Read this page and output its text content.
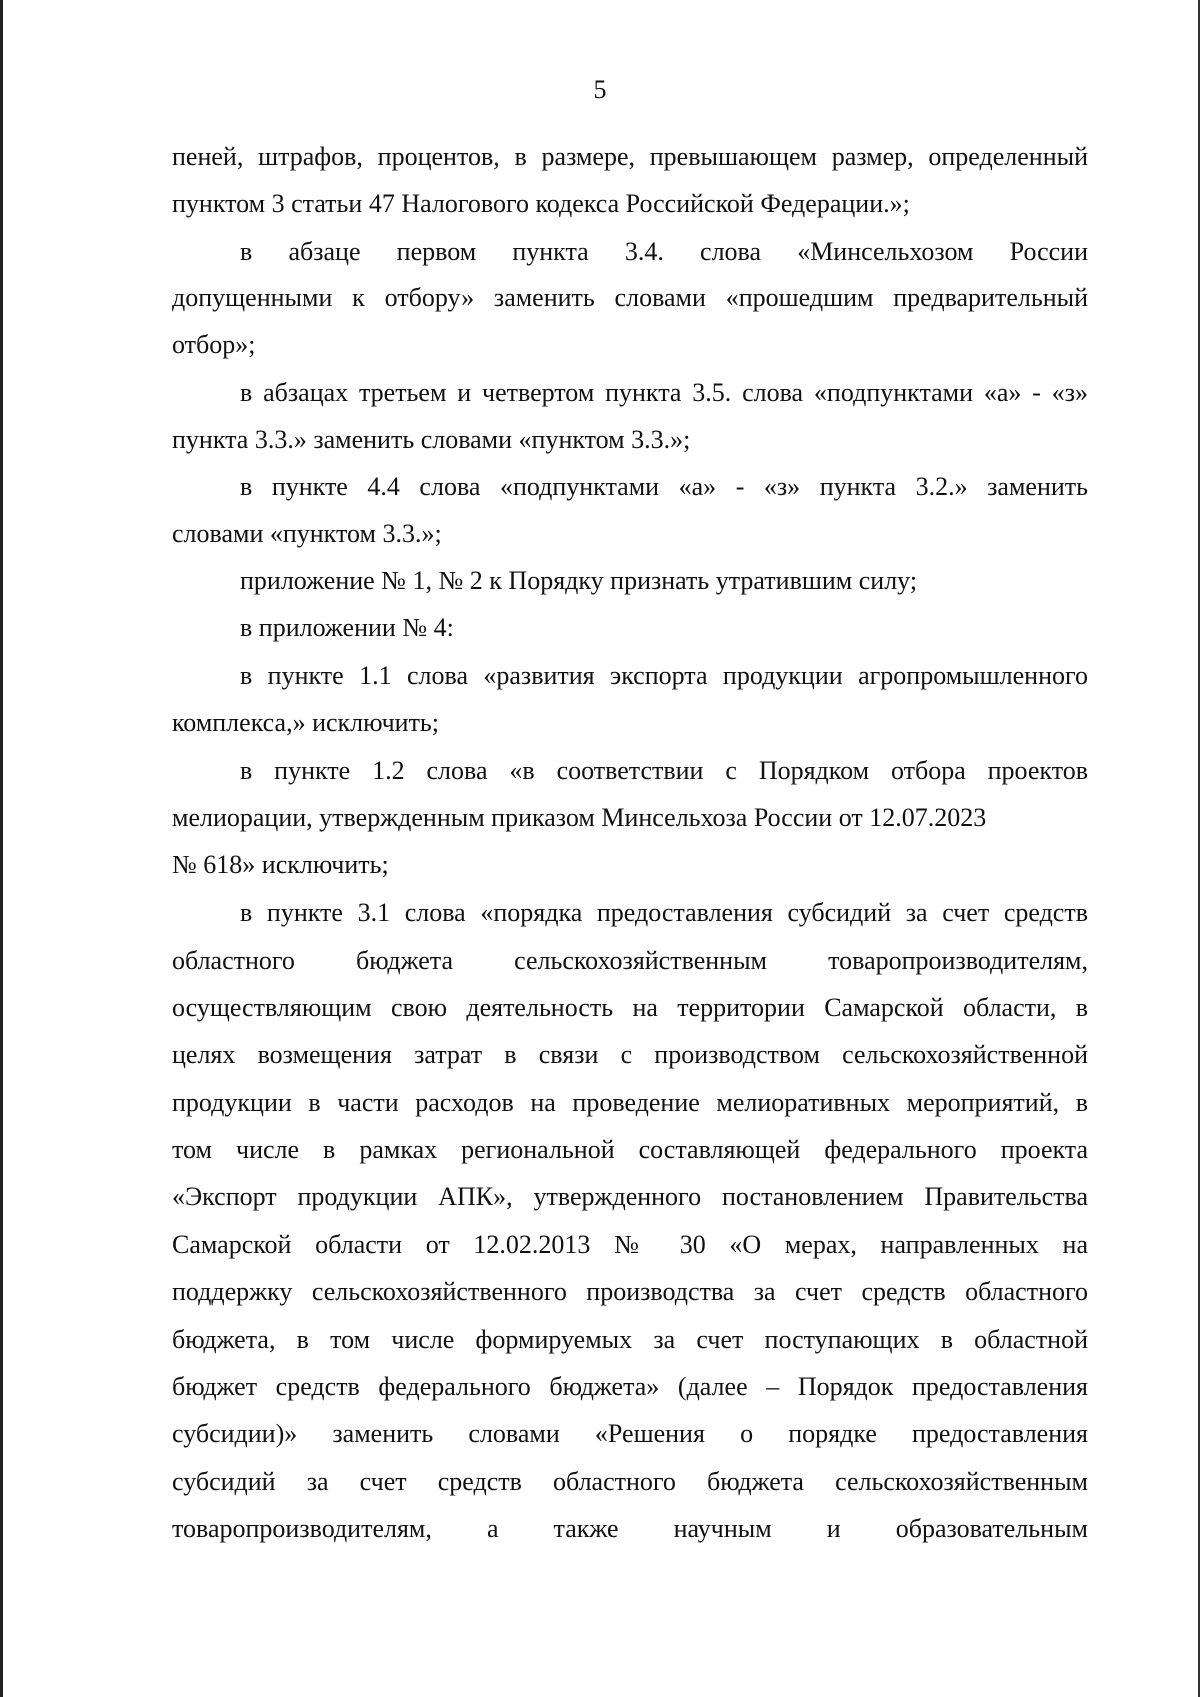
5
пеней, штрафов, процентов, в размере, превышающем размер, определенный
пунктом 3 статьи 47 Налогового кодекса Российской Федерации.»;
в абзаце первом пункта 3.4. слова «Минсельхозом России
допущенными к отбору» заменить словами «прошедшим предварительный
отбор»;
в абзацах третьем и четвертом пункта 3.5. слова «подпунктами «а» - «з»
пункта 3.3.» заменить словами «пунктом 3.3.»;
в пункте 4.4 слова «подпунктами «а» - «з» пункта 3.2.» заменить
словами «пунктом 3.3.»;
приложение № 1, № 2 к Порядку признать утратившим силу;
в приложении № 4:
в пункте 1.1 слова «развития экспорта продукции агропромышленного
комплекса,» исключить;
в пункте 1.2 слова «в соответствии с Порядком отбора проектов
мелиорации, утвержденным приказом Минсельхоза России от 12.07.2023
№ 618» исключить;
в пункте 3.1 слова «порядка предоставления субсидий за счет средств
областного бюджета сельскохозяйственным товаропроизводителям,
осуществляющим свою деятельность на территории Самарской области, в
целях возмещения затрат в связи с производством сельскохозяйственной
продукции в части расходов на проведение мелиоративных мероприятий, в
том числе в рамках региональной составляющей федерального проекта
«Экспорт продукции АПК», утвержденного постановлением Правительства
Самарской области от 12.02.2013 № 30 «О мерах, направленных на
поддержку сельскохозяйственного производства за счет средств областного
бюджета, в том числе формируемых за счет поступающих в областной
бюджет средств федерального бюджета» (далее – Порядок предоставления
субсидии)» заменить словами «Решения о порядке предоставления
субсидий за счет средств областного бюджета сельскохозяйственным
товаропроизводителям, а также научным и образовательным
